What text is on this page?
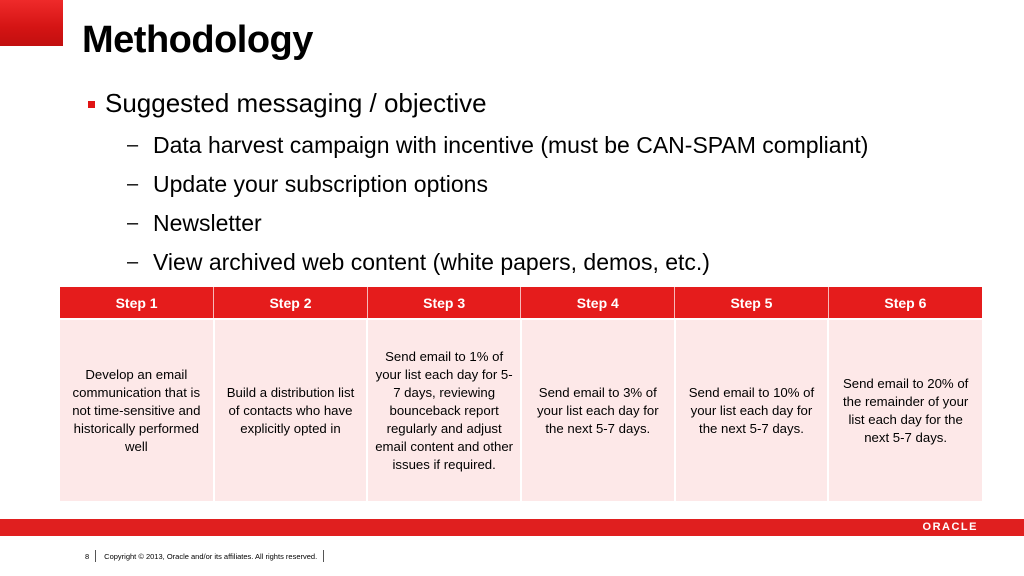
Methodology
Suggested messaging / objective
– Data harvest campaign with incentive (must be CAN-SPAM compliant)
– Update your subscription options
– Newsletter
– View archived web content (white papers, demos, etc.)
Step 1	Step 2	Step 3	Step 4	Step 5	Step 6
Develop an email communication that is not time-sensitive and historically performed well	Build a distribution list of contacts who have explicitly opted in	Send email to 1% of your list each day for 5-7 days, reviewing bounceback report regularly and adjust email content and other issues if required.	Send email to 3% of your list each day for the next 5-7 days.	Send email to 10% of your list each day for the next 5-7 days.	Send email to 20% of the remainder of your list each day for the next 5-7 days.
ORACLE
8 Copyright © 2013, Oracle and/or its affiliates. All rights reserved.
